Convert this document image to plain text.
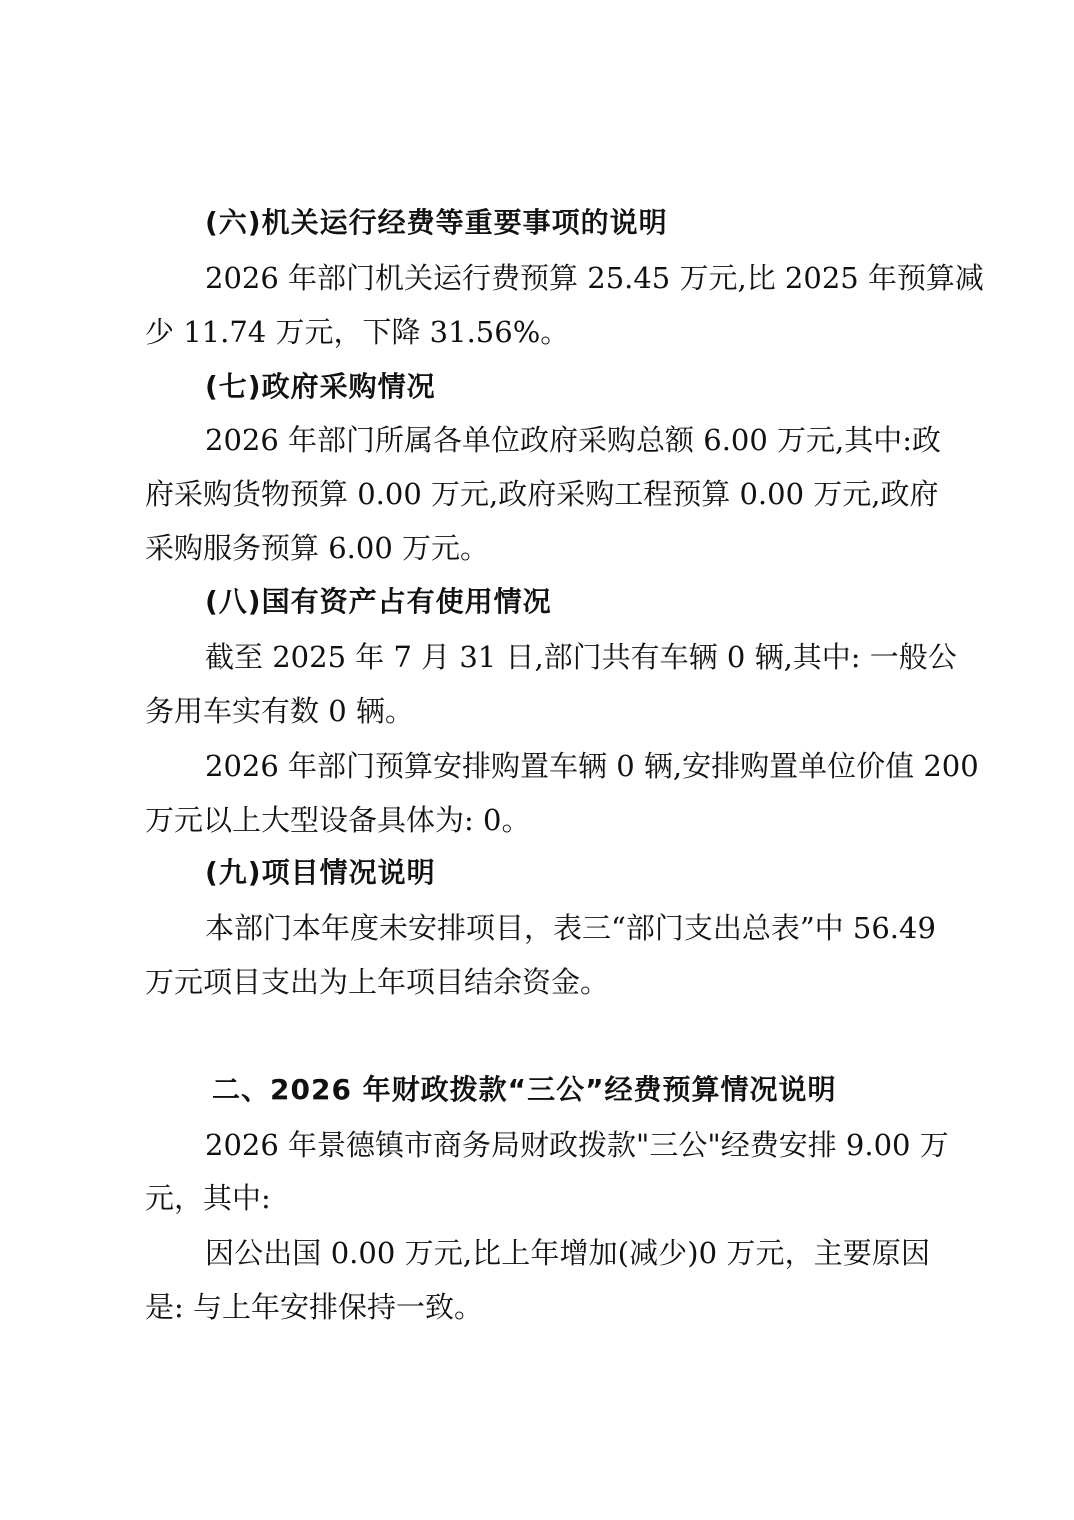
(六)机关运行经费等重要事项的说明

2026 年部门机关运行费预算 25.45 万元,比 2025 年预算减

少 11.74 万元，下降 31.56%。

(七)政府采购情况

2026 年部门所属各单位政府采购总额 6.00 万元,其中:政

府采购货物预算 0.00 万元,政府采购工程预算 0.00 万元,政府

采购服务预算 6.00 万元。

(八)国有资产占有使用情况

截至 2025 年 7 月 31 日,部门共有车辆 0 辆,其中: 一般公

务用车实有数 0 辆。

2026 年部门预算安排购置车辆 0 辆,安排购置单位价值 200

万元以上大型设备具体为: 0。

(九)项目情况说明

本部门本年度未安排项目，表三“部门支出总表”中 56.49

万元项目支出为上年项目结余资金。

二、2026 年财政拨款“三公”经费预算情况说明

2026 年景德镇市商务局财政拨款"三公"经费安排 9.00 万

元，其中:

因公出国 0.00 万元,比上年增加(减少)0 万元，主要原因

是: 与上年安排保持一致。
